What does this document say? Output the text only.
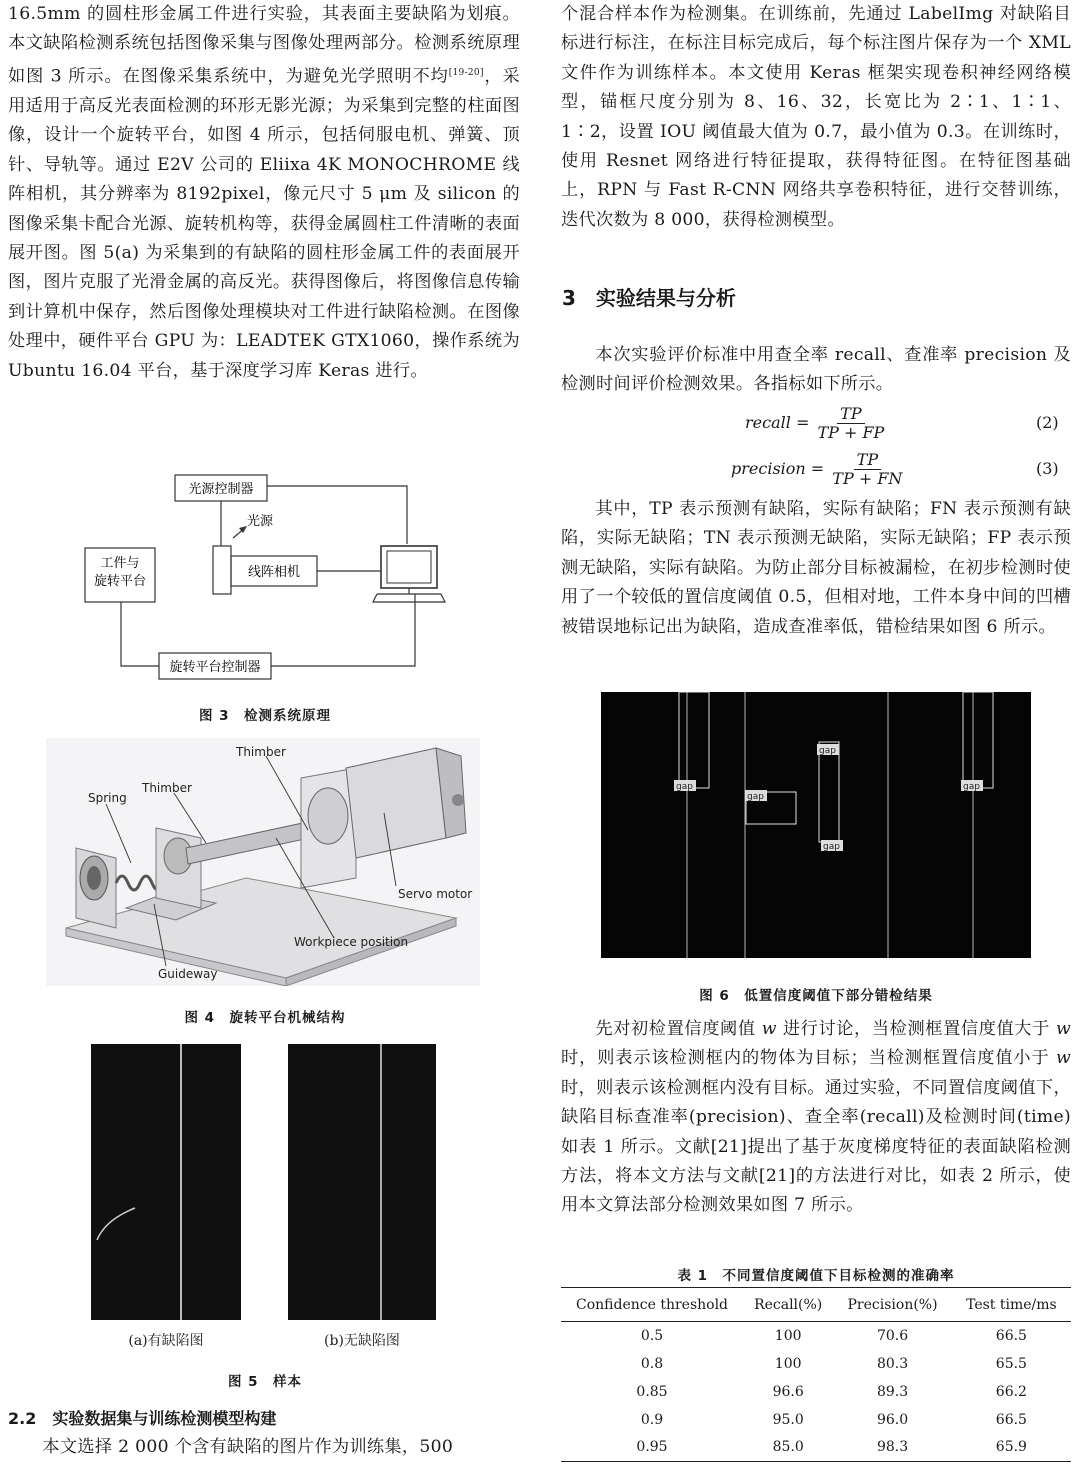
16.5mm 的圆柱形金属工件进行实验，其表面主要缺陷为划痕。本文缺陷检测系统包括图像采集与图像处理两部分。检测系统原理如图 3 所示。在图像采集系统中，为避免光学照明不均[19-20]，采用适用于高反光表面检测的环形无影光源；为采集到完整的柱面图像，设计一个旋转平台，如图 4 所示，包括伺服电机、弹簧、顶针、导轨等。通过 E2V 公司的 Eliixa 4K MONOCHROME 线阵相机，其分辨率为 8192pixel，像元尺寸 5 μm 及 silicon 的图像采集卡配合光源、旋转机构等，获得金属圆柱工件清晰的表面展开图。图 5(a) 为采集到的有缺陷的圆柱形金属工件的表面展开图，图片克服了光滑金属的高反光。获得图像后，将图像信息传输到计算机中保存，然后图像处理模块对工件进行缺陷检测。在图像处理中，硬件平台 GPU 为：LEADTEK GTX1060，操作系统为 Ubuntu 16.04 平台，基于深度学习库 Keras 进行。

光源控制器
光源
工件与
旋转平台
线阵相机
旋转平台控制器
图 3　检测系统原理
Thimber
Thimber
Spring
Servo motor
Workpiece position
Guideway
图 4　旋转平台机械结构
(a)有缺陷图	(b)无缺陷图
图 5　样本
2.2　 实验数据集与训练检测模型构建

本文选择 2 000 个含有缺陷的图片作为训练集，500

个混合样本作为检测集。在训练前，先通过 LabelImg 对缺陷目标进行标注，在标注目标完成后，每个标注图片保存为一个 XML 文件作为训练样本。本文使用 Keras 框架实现卷积神经网络模型，锚框尺度分别为 8、16、32，长宽比为 2∶1、1∶1、1∶2，设置 IOU 阈值最大值为 0.7，最小值为 0.3。在训练时，使用 Resnet 网络进行特征提取，获得特征图。在特征图基础上，RPN 与 Fast R-CNN 网络共享卷积特征，进行交替训练，迭代次数为 8 000，获得检测模型。

3　 实验结果与分析

本次实验评价标准中用查全率 recall、查准率 precision 及检测时间评价检测效果。各指标如下所示。

recall = $\frac{TP}{TP + FP}$	(2)
precision = $\frac{TP}{TP + FN}$	(3)

其中，TP 表示预测有缺陷，实际有缺陷；FN 表示预测有缺陷，实际无缺陷；TN 表示预测无缺陷，实际无缺陷；FP 表示预测无缺陷，实际有缺陷。为防止部分目标被漏检，在初步检测时使用了一个较低的置信度阈值 0.5，但相对地，工件本身中间的凹槽被错误地标记出为缺陷，造成查准率低，错检结果如图 6 所示。

gap
gap
gap
gap
gap
图 6　低置信度阈值下部分错检结果

先对初检置信度阈值 w 进行讨论，当检测框置信度值大于 w 时，则表示该检测框内的物体为目标；当检测框置信度值小于 w 时，则表示该检测框内没有目标。通过实验，不同置信度阈值下，缺陷目标查准率(precision)、查全率(recall)及检测时间(time)如表 1 所示。文献[21]提出了基于灰度梯度特征的表面缺陷检测方法，将本文方法与文献[21]的方法进行对比，如表 2 所示，使用本文算法部分检测效果如图 7 所示。

表 1　不同置信度阈值下目标检测的准确率
Confidence threshold	Recall(%)	Precision(%)	Test time/ms
0.5	100	70.6	66.5
0.8	100	80.3	65.5
0.85	96.6	89.3	66.2
0.9	95.0	96.0	66.5
0.95	85.0	98.3	65.9
